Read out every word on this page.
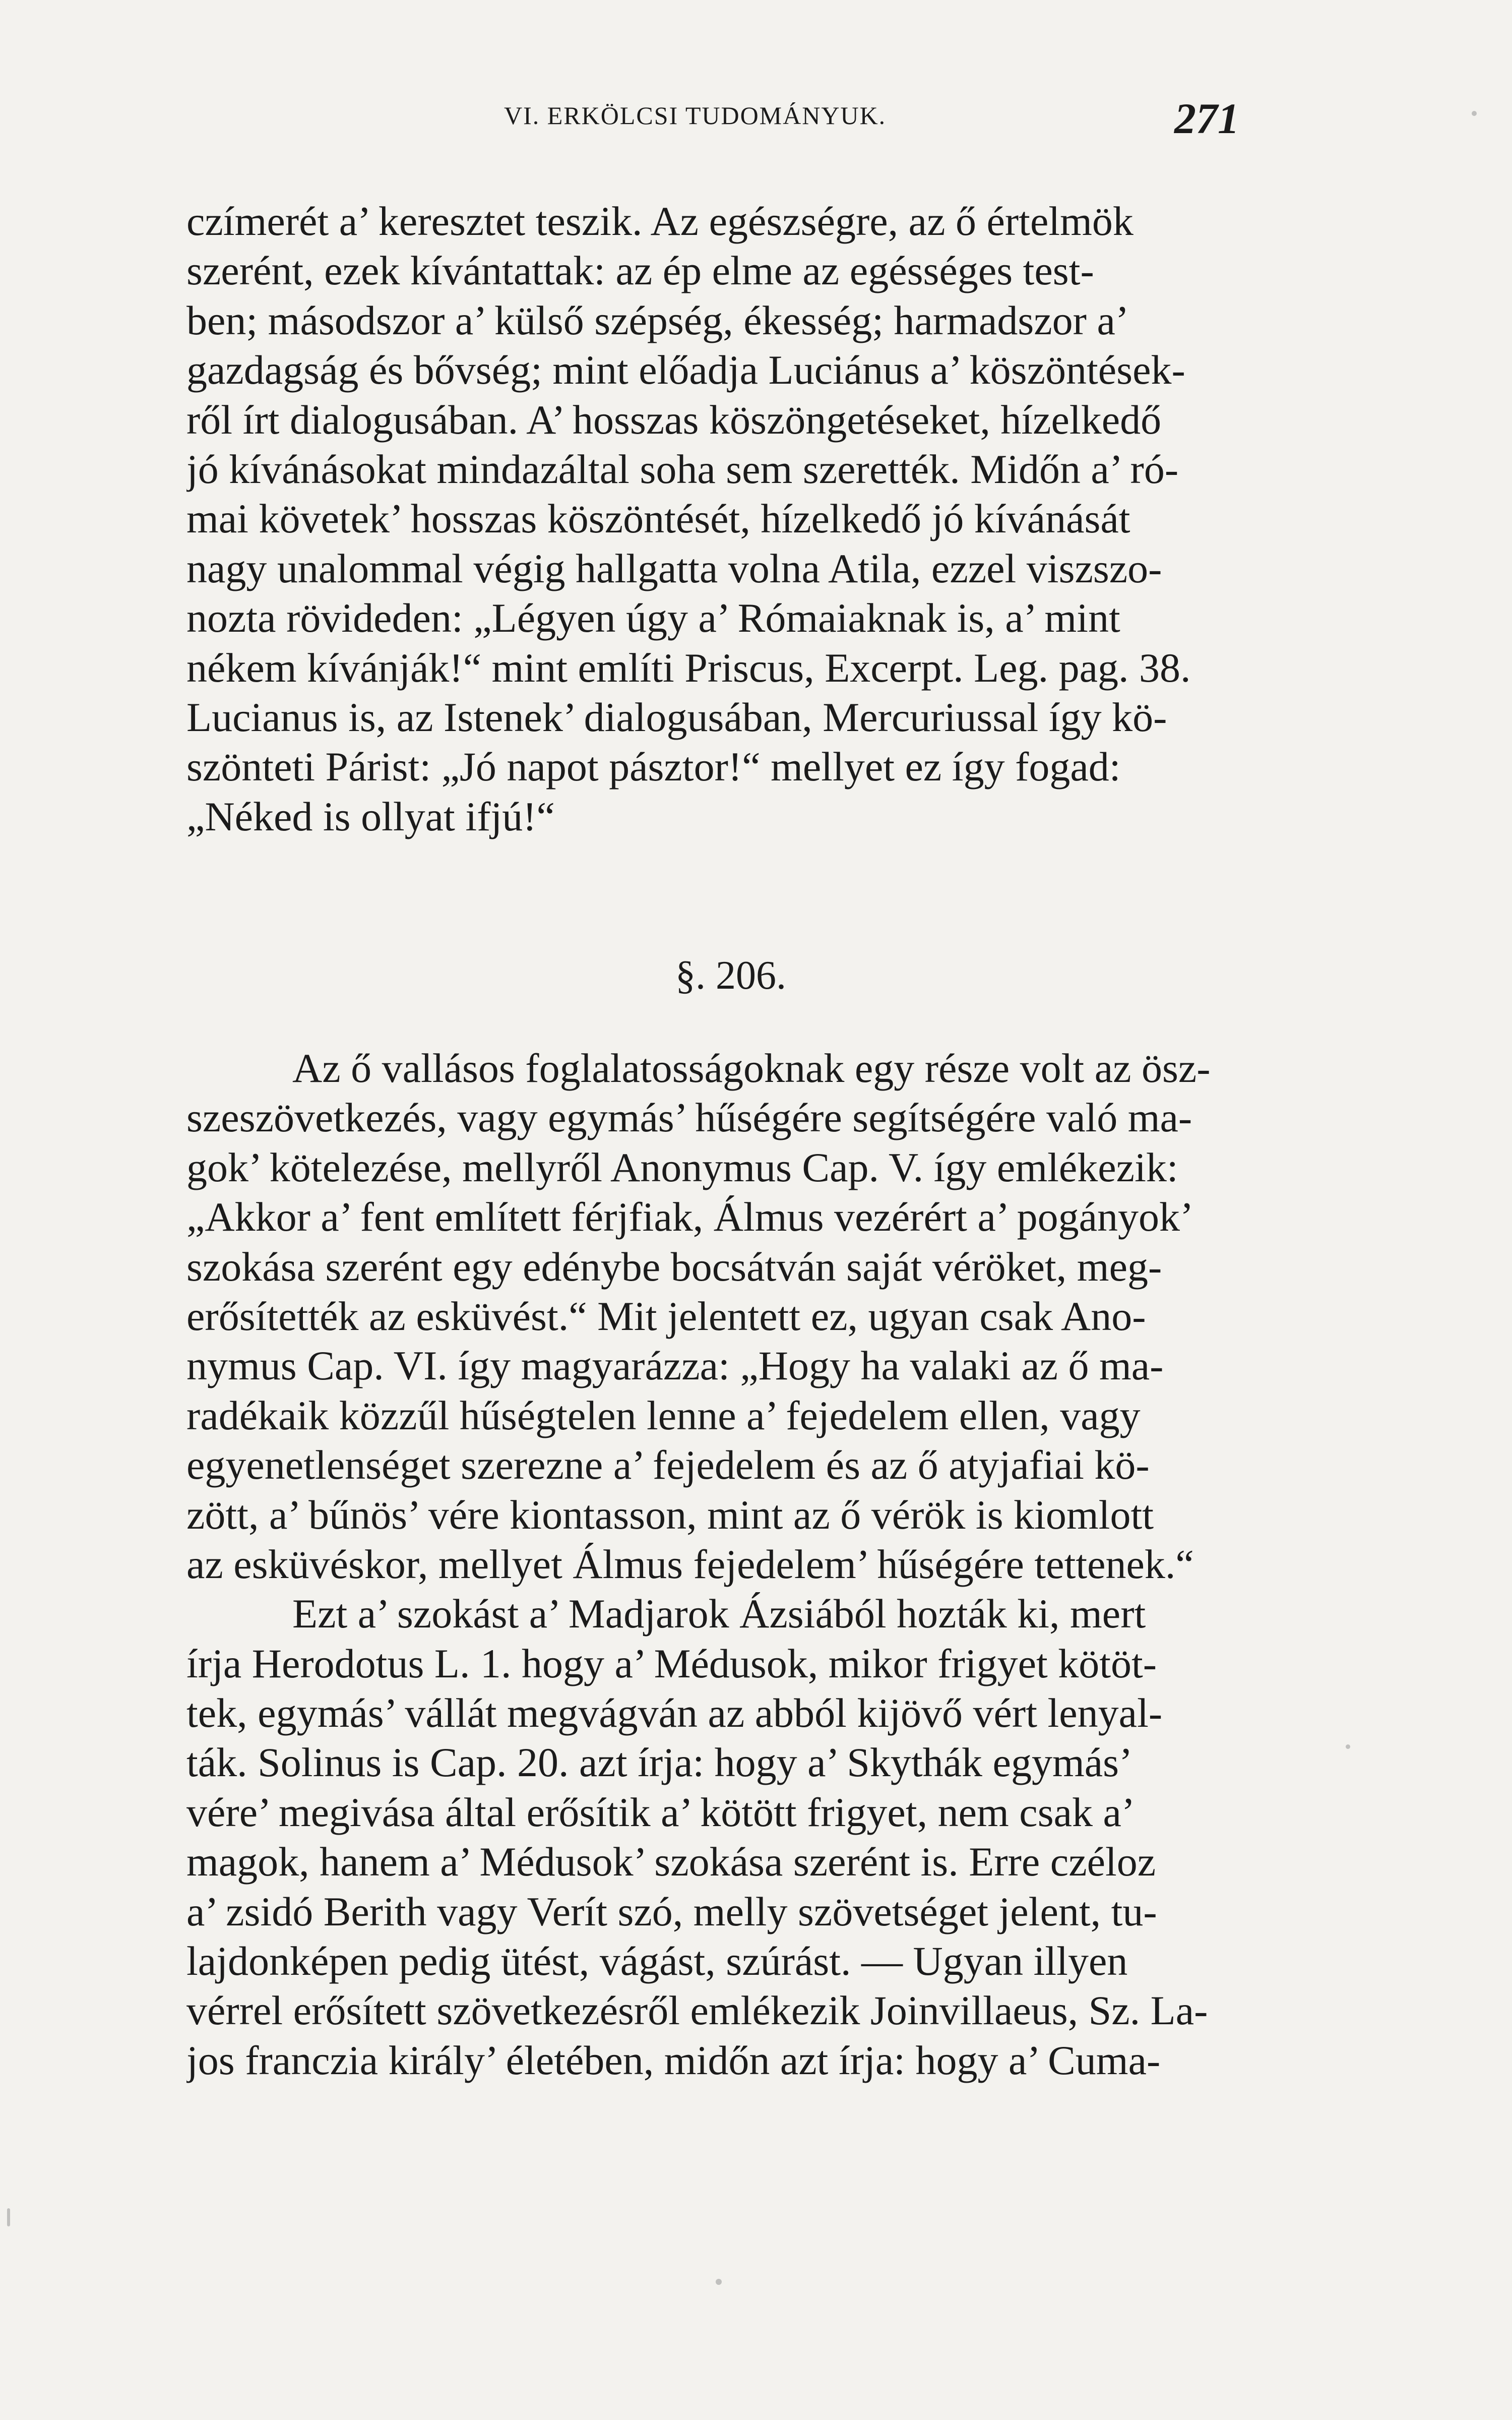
VI. ERKÖLCSI TUDOMÁNYUK.	271
czímerét a’ keresztet teszik. Az egészségre, az ő értelmök
szerént, ezek kívántattak: az ép elme az egésséges test-
ben; másodszor a’ külső szépség, ékesség; harmadszor a’
gazdagság és bővség; mint előadja Luciánus a’ köszöntések-
ről írt dialogusában. A’ hosszas köszöngetéseket, hízelkedő
jó kívánásokat mindazáltal soha sem szerették. Midőn a’ ró-
mai követek’ hosszas köszöntését, hízelkedő jó kívánását
nagy unalommal végig hallgatta volna Atila, ezzel viszszo-
nozta rövideden: „Légyen úgy a’ Rómaiaknak is, a’ mint
nékem kívánják!“ mint említi Priscus, Excerpt. Leg. pag. 38.
Lucianus is, az Istenek’ dialogusában, Mercuriussal így kö-
szönteti Párist: „Jó napot pásztor!“ mellyet ez így fogad:
„Néked is ollyat ifjú!“
§. 206.
Az ő vallásos foglalatosságoknak egy része volt az ösz-
szeszövetkezés, vagy egymás’ hűségére segítségére való ma-
gok’ kötelezése, mellyről Anonymus Cap. V. így emlékezik:
„Akkor a’ fent említett férjfiak, Álmus vezérért a’ pogányok’
szokása szerént egy edénybe bocsátván saját véröket, meg-
erősítették az esküvést.“ Mit jelentett ez, ugyan csak Ano-
nymus Cap. VI. így magyarázza: „Hogy ha valaki az ő ma-
radékaik közzűl hűségtelen lenne a’ fejedelem ellen, vagy
egyenetlenséget szerezne a’ fejedelem és az ő atyjafiai kö-
zött, a’ bűnös’ vére kiontasson, mint az ő vérök is kiomlott
az esküvéskor, mellyet Álmus fejedelem’ hűségére tettenek.“
Ezt a’ szokást a’ Madjarok Ázsiából hozták ki, mert
írja Herodotus L. 1. hogy a’ Médusok, mikor frigyet kötöt-
tek, egymás’ vállát megvágván az abból kijövő vért lenyal-
ták. Solinus is Cap. 20. azt írja: hogy a’ Skythák egymás’
vére’ megivása által erősítik a’ kötött frigyet, nem csak a’
magok, hanem a’ Médusok’ szokása szerént is. Erre czéloz
a’ zsidó Berith vagy Verít szó, melly szövetséget jelent, tu-
lajdonképen pedig ütést, vágást, szúrást. — Ugyan illyen
vérrel erősített szövetkezésről emlékezik Joinvillaeus, Sz. La-
jos franczia király’ életében, midőn azt írja: hogy a’ Cuma-
